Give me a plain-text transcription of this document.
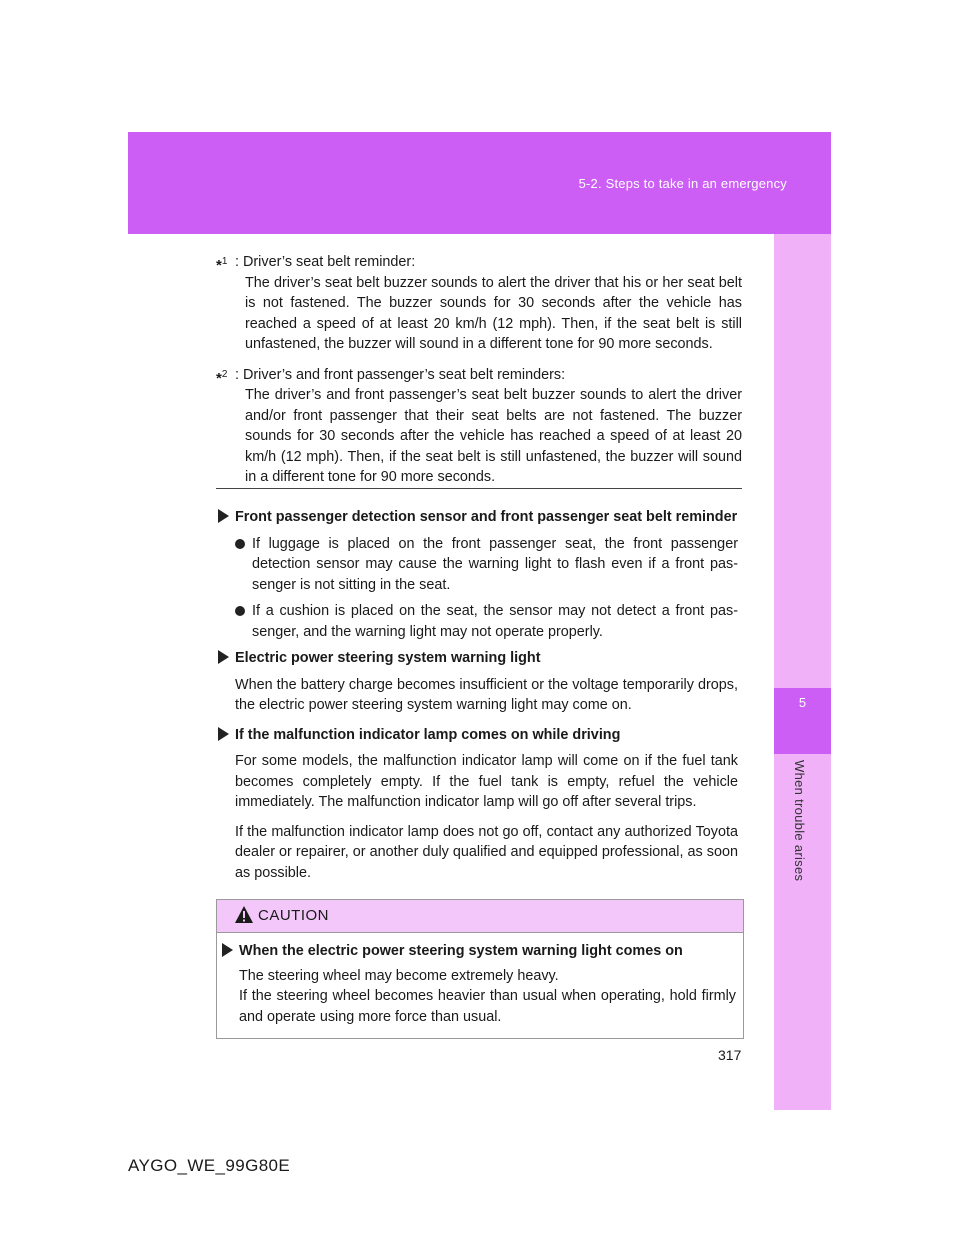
5-2. Steps to take in an emergency
5
When trouble arises
*$^1$ : Driver’s seat belt reminder:
The driver’s seat belt buzzer sounds to alert the driver that his or her seat belt is not fastened. The buzzer sounds for 30 seconds after the vehicle has reached a speed of at least 20 km/h (12 mph). Then, if the seat belt is still unfastened, the buzzer will sound in a different tone for 90 more seconds.
*$^2$ : Driver’s and front passenger’s seat belt reminders:
The driver’s and front passenger’s seat belt buzzer sounds to alert the driver and/or front passenger that their seat belts are not fastened. The buzzer sounds for 30 seconds after the vehicle has reached a speed of at least 20 km/h (12 mph). Then, if the seat belt is still unfastened, the buzzer will sound in a different tone for 90 more seconds.
Front passenger detection sensor and front passenger seat belt reminder
If luggage is placed on the front passenger seat, the front passenger detection sensor may cause the warning light to flash even if a front pas-senger is not sitting in the seat.
If a cushion is placed on the seat, the sensor may not detect a front pas-senger, and the warning light may not operate properly.
Electric power steering system warning light
When the battery charge becomes insufficient or the voltage temporarily drops, the electric power steering system warning light may come on.
If the malfunction indicator lamp comes on while driving
For some models, the malfunction indicator lamp will come on if the fuel tank becomes completely empty. If the fuel tank is empty, refuel the vehicle immediately. The malfunction indicator lamp will go off after several trips.
If the malfunction indicator lamp does not go off, contact any authorized Toyota dealer or repairer, or another duly qualified and equipped professional, as soon as possible.
CAUTION
When the electric power steering system warning light comes on
The steering wheel may become extremely heavy.
If the steering wheel becomes heavier than usual when operating, hold firmly and operate using more force than usual.
317
AYGO_WE_99G80E
